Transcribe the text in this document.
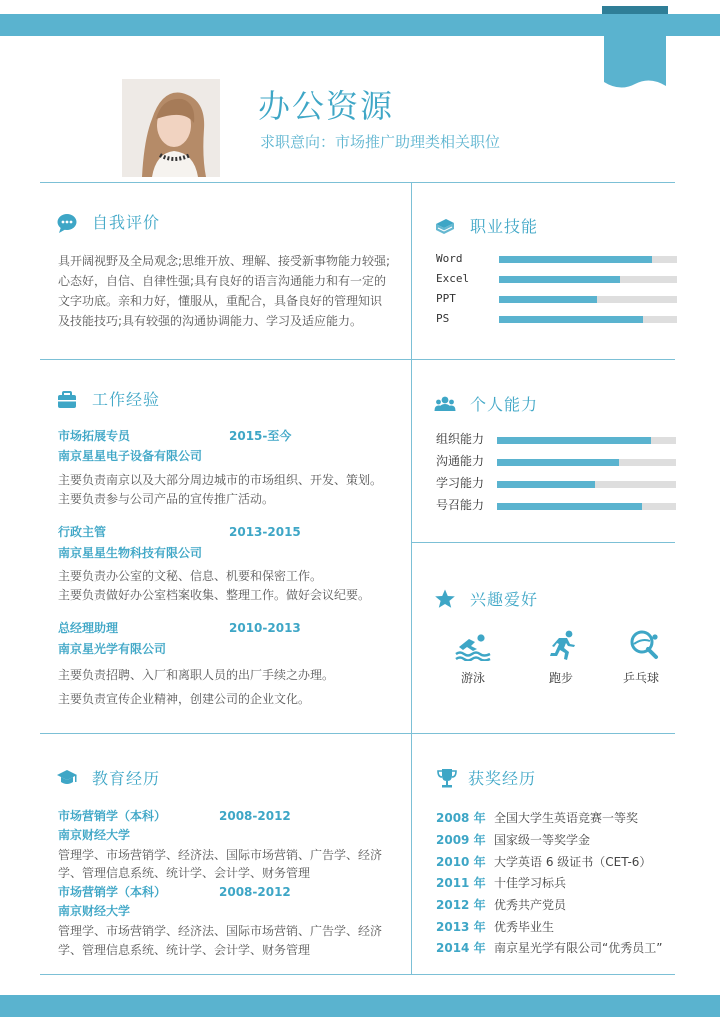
办公资源
求职意向：市场推广助理类相关职位
自我评价
具开阔视野及全局观念;思维开放、理解、接受新事物能力较强;
心态好，自信、自律性强;具有良好的语言沟通能力和有一定的
文字功底。亲和力好，懂服从，重配合，具备良好的管理知识
及技能技巧;具有较强的沟通协调能力、学习及适应能力。
工作经验
市场拓展专员	2015-至今
南京星星电子设备有限公司
主要负责南京以及大部分周边城市的市场组织、开发、策划。
主要负责参与公司产品的宣传推广活动。
行政主管	2013-2015
南京星星生物科技有限公司
主要负责办公室的文秘、信息、机要和保密工作。
主要负责做好办公室档案收集、整理工作。做好会议纪要。
总经理助理	2010-2013
南京星光学有限公司
主要负责招聘、入厂和离职人员的出厂手续之办理。
主要负责宣传企业精神，创建公司的企业文化。
教育经历
市场营销学（本科）	2008-2012
南京财经大学
管理学、市场营销学、经济法、国际市场营销、广告学、经济
学、管理信息系统、统计学、会计学、财务管理
市场营销学（本科）	2008-2012
南京财经大学
管理学、市场营销学、经济法、国际市场营销、广告学、经济
学、管理信息系统、统计学、会计学、财务管理
职业技能
Word
Excel
PPT
PS
个人能力
组织能力
沟通能力
学习能力
号召能力
兴趣爱好
游泳	跑步	乒乓球
获奖经历
2008 年 全国大学生英语竞赛一等奖
2009 年 国家级一等奖学金
2010 年 大学英语 6 级证书（CET-6）
2011 年 十佳学习标兵
2012 年 优秀共产党员
2013 年 优秀毕业生
2014 年 南京星光学有限公司“优秀员工”
